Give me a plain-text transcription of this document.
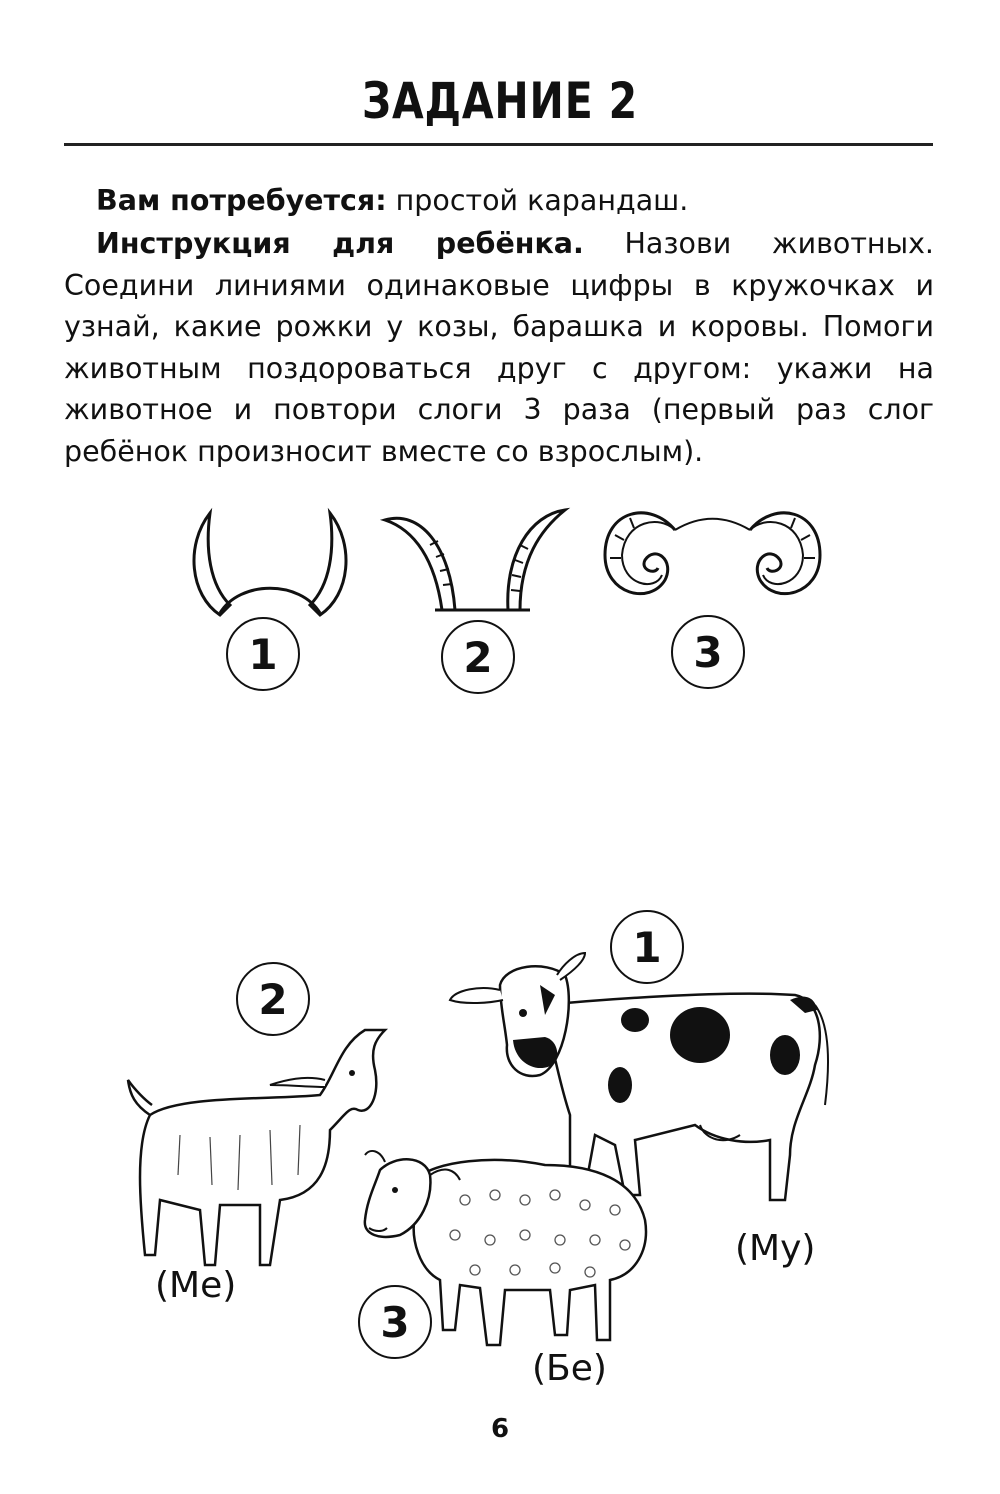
ЗАДАНИЕ 2
Вам потребуется: простой карандаш.
Инструкция для ребёнка. Назови животных. Соедини линиями одинаковые цифры в кружочках и узнай, какие рожки у козы, барашка и коровы. Помоги животным поздороваться друг с другом: укажи на животное и повтори слоги 3 раза (первый раз слог ребёнок произносит вместе со взрослым).
1	2	3
2
(Ме)
1
(Му)
3
(Бе)
6
